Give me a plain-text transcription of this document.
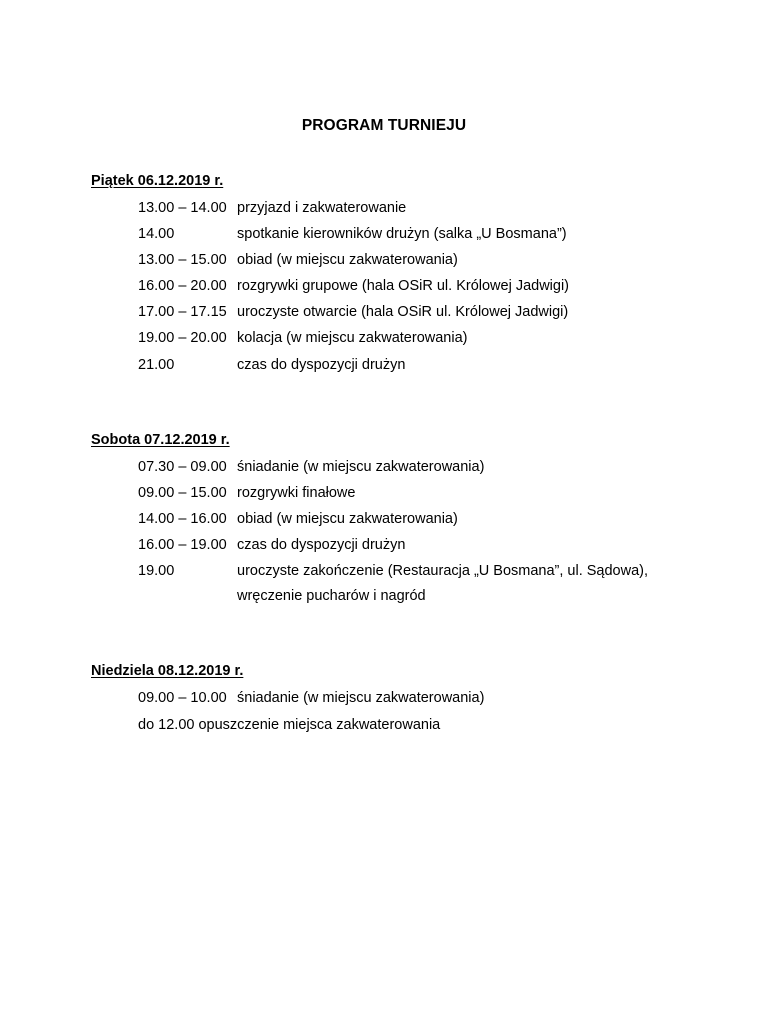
PROGRAM TURNIEJU
Piątek 06.12.2019 r.
13.00 – 14.00 przyjazd i zakwaterowanie
14.00	spotkanie kierowników drużyn (salka „U Bosmana”)
13.00 – 15.00 obiad (w miejscu zakwaterowania)
16.00 – 20.00 rozgrywki grupowe (hala OSiR ul. Królowej Jadwigi)
17.00 – 17.15 uroczyste otwarcie (hala OSiR ul. Królowej Jadwigi)
19.00 – 20.00 kolacja (w miejscu zakwaterowania)
21.00	czas do dyspozycji drużyn
Sobota 07.12.2019 r.
07.30 – 09.00 śniadanie (w miejscu zakwaterowania)
09.00 – 15.00 rozgrywki finałowe
14.00 – 16.00 obiad (w miejscu zakwaterowania)
16.00 – 19.00 czas do dyspozycji drużyn
19.00	uroczyste zakończenie (Restauracja „U Bosmana”, ul. Sądowa),
wręczenie pucharów i nagród
Niedziela 08.12.2019 r.
09.00 – 10.00 śniadanie (w miejscu zakwaterowania)
do 12.00 opuszczenie miejsca zakwaterowania
